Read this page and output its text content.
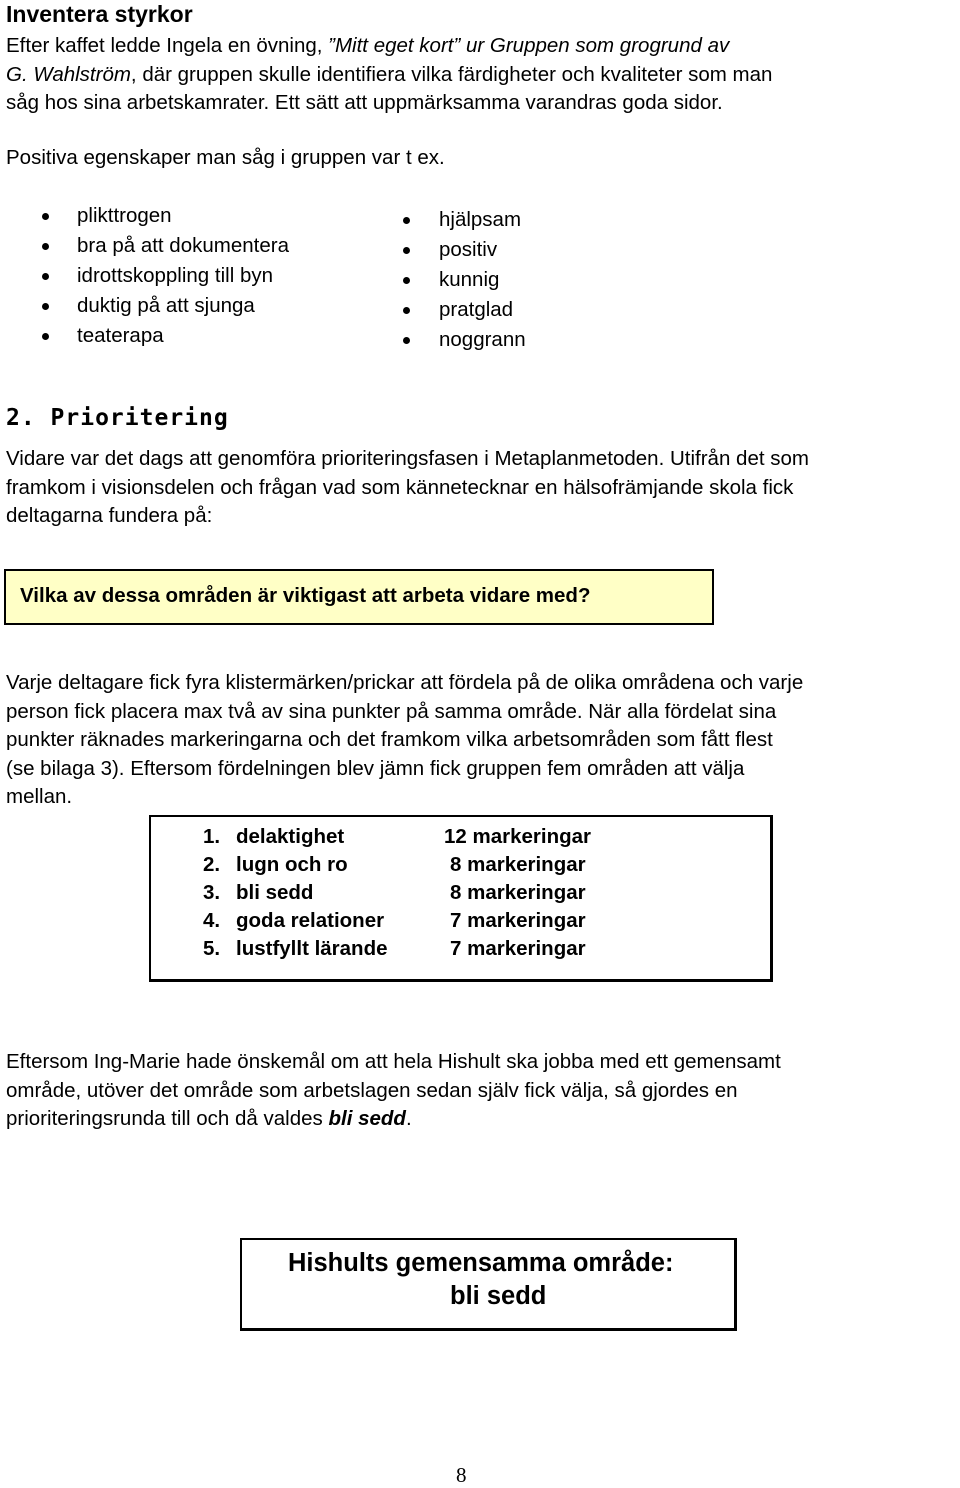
Inventera styrkor
Efter kaffet ledde Ingela en övning, ”Mitt eget kort” ur Gruppen som grogrund av
G. Wahlström, där gruppen skulle identifiera vilka färdigheter och kvaliteter som man
såg hos sina arbetskamrater. Ett sätt att uppmärksamma varandras goda sidor.
Positiva egenskaper man såg i gruppen var t ex.
plikttrogen
bra på att dokumentera
idrottskoppling till byn
duktig på att sjunga
teaterapa
hjälpsam
positiv
kunnig
pratglad
noggrann
2. Prioritering
Vidare var det dags att genomföra prioriteringsfasen i Metaplanmetoden. Utifrån det som
framkom i visionsdelen och frågan vad som kännetecknar en hälsofrämjande skola fick
deltagarna fundera på:
Vilka av dessa områden är viktigast att arbeta vidare med?
Varje deltagare fick fyra klistermärken/prickar att fördela på de olika områdena och varje
person fick placera max två av sina punkter på samma område. När alla fördelat sina
punkter räknades markeringarna och det framkom vilka arbetsområden som fått flest
(se bilaga 3). Eftersom fördelningen blev jämn fick gruppen fem områden att välja
mellan.
1. delaktighet	12 markeringar
2. lugn och ro	8 markeringar
3. bli sedd	8 markeringar
4. goda relationer	7 markeringar
5. lustfyllt lärande	7 markeringar
Eftersom Ing-Marie hade önskemål om att hela Hishult ska jobba med ett gemensamt
område, utöver det område som arbetslagen sedan själv fick välja, så gjordes en
prioriteringsrunda till och då valdes bli sedd.
Hishults gemensamma område:
bli sedd
8
